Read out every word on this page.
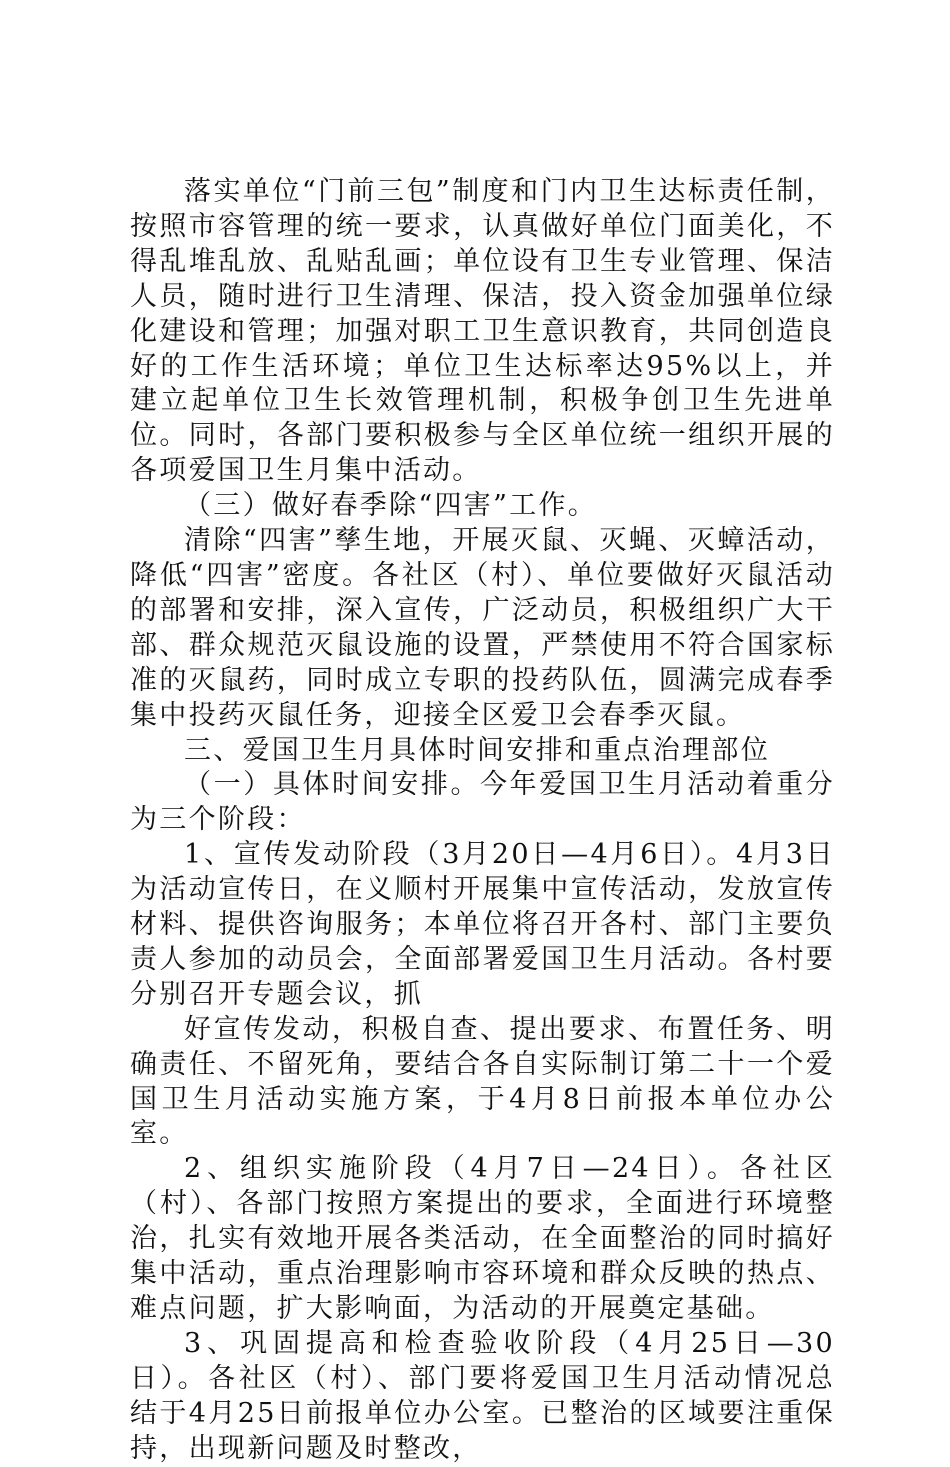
落实单位“门前三包”制度和门内卫生达标责任制，按照市容管理的统一要求，认真做好单位门面美化，不得乱堆乱放、乱贴乱画；单位设有卫生专业管理、保洁人员，随时进行卫生清理、保洁，投入资金加强单位绿化建设和管理；加强对职工卫生意识教育，共同创造良好的工作生活环境；单位卫生达标率达95%以上，并建立起单位卫生长效管理机制，积极争创卫生先进单位。同时，各部门要积极参与全区单位统一组织开展的各项爱国卫生月集中活动。

（三）做好春季除“四害”工作。

清除“四害”孳生地，开展灭鼠、灭蝇、灭蟑活动，降低“四害”密度。各社区（村）、单位要做好灭鼠活动的部署和安排，深入宣传，广泛动员，积极组织广大干部、群众规范灭鼠设施的设置，严禁使用不符合国家标准的灭鼠药，同时成立专职的投药队伍，圆满完成春季集中投药灭鼠任务，迎接全区爱卫会春季灭鼠。

三、爱国卫生月具体时间安排和重点治理部位

（一）具体时间安排。今年爱国卫生月活动着重分为三个阶段：

1、宣传发动阶段（3月20日—4月6日）。4月3日为活动宣传日，在义顺村开展集中宣传活动，发放宣传材料、提供咨询服务；本单位将召开各村、部门主要负责人参加的动员会，全面部署爱国卫生月活动。各村要分别召开专题会议，抓

好宣传发动，积极自查、提出要求、布置任务、明确责任、不留死角，要结合各自实际制订第二十一个爱国卫生月活动实施方案，于4月8日前报本单位办公室。

2、组织实施阶段（4月7日—24日）。各社区（村）、各部门按照方案提出的要求，全面进行环境整治，扎实有效地开展各类活动，在全面整治的同时搞好集中活动，重点治理影响市容环境和群众反映的热点、难点问题，扩大影响面，为活动的开展奠定基础。

3、巩固提高和检查验收阶段（4月25日—30日）。各社区（村）、部门要将爱国卫生月活动情况总结于4月25日前报单位办公室。已整治的区域要注重保持，出现新问题及时整改，
